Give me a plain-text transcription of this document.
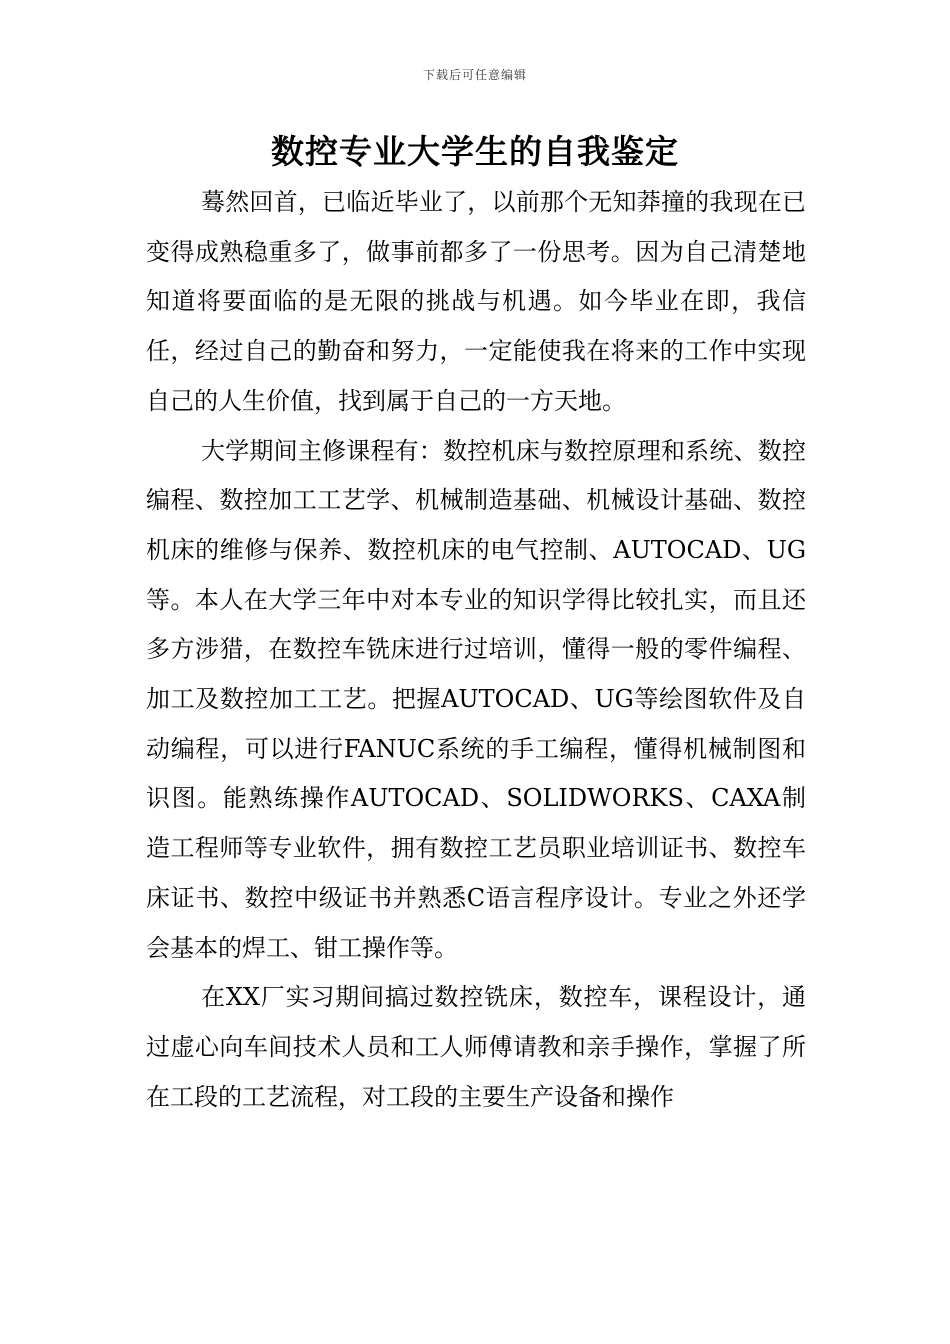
下载后可任意编辑
数控专业大学生的自我鉴定

蓦然回首，已临近毕业了，以前那个无知莽撞的我现在已变得成熟稳重多了，做事前都多了一份思考。因为自己清楚地知道将要面临的是无限的挑战与机遇。如今毕业在即，我信任，经过自己的勤奋和努力，一定能使我在将来的工作中实现自己的人生价值，找到属于自己的一方天地。

大学期间主修课程有：数控机床与数控原理和系统、数控编程、数控加工工艺学、机械制造基础、机械设计基础、数控机床的维修与保养、数控机床的电气控制、AUTOCAD、UG等。本人在大学三年中对本专业的知识学得比较扎实，而且还多方涉猎，在数控车铣床进行过培训，懂得一般的零件编程、加工及数控加工工艺。把握AUTOCAD、UG等绘图软件及自动编程，可以进行FANUC系统的手工编程，懂得机械制图和识图。能熟练操作AUTOCAD、SOLIDWORKS、CAXA制造工程师等专业软件，拥有数控工艺员职业培训证书、数控车床证书、数控中级证书并熟悉C语言程序设计。专业之外还学会基本的焊工、钳工操作等。

在XX厂实习期间搞过数控铣床，数控车，课程设计，通过虚心向车间技术人员和工人师傅请教和亲手操作，掌握了所在工段的工艺流程，对工段的主要生产设备和操作
